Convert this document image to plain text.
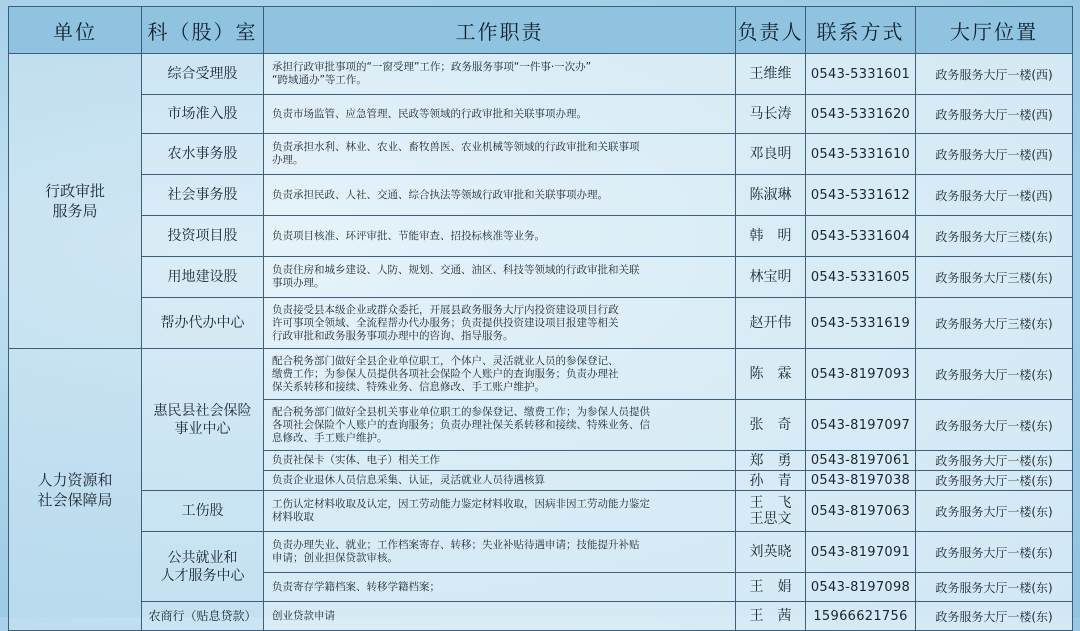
单位	科（股）室	工作职责	负责人	联系方式	大厅位置
行政审批
服务局	综合受理股	承担行政审批事项的“一窗受理”工作；政务服务事项“一件事·一次办”
“跨域通办”等工作。	王维维	0543-5331601	政务服务大厅一楼(西)
	市场准入股	负责市场监管、应急管理、民政等领域的行政审批和关联事项办理。	马长涛	0543-5331620	政务服务大厅一楼(西)
	农水事务股	负责承担水利、林业、农业、畜牧兽医、农业机械等领域的行政审批和关联事项
办理。	邓良明	0543-5331610	政务服务大厅一楼(西)
	社会事务股	负责承担民政、人社、交通、综合执法等领域行政审批和关联事项办理。	陈淑琳	0543-5331612	政务服务大厅一楼(西)
	投资项目股	负责项目核准、环评审批、节能审查、招投标核准等业务。	韩　明	0543-5331604	政务服务大厅三楼(东)
	用地建设股	负责住房和城乡建设、人防、规划、交通、油区、科技等领域的行政审批和关联
事项办理。	林宝明	0543-5331605	政务服务大厅三楼(东)
	帮办代办中心	负责接受县本级企业或群众委托，开展县政务服务大厅内投资建设项目行政
许可事项全领域、全流程帮办代办服务；负责提供投资建设项目报建等相关
行政审批和政务服务事项办理中的咨询、指导服务。	赵开伟	0543-5331619	政务服务大厅三楼(东)
人力资源和
社会保障局	惠民县社会保险
事业中心	配合税务部门做好全县企业单位职工，个体户、灵活就业人员的参保登记、
缴费工作；为参保人员提供各项社会保险个人账户的查询服务；负责办理社
保关系转移和接续、特殊业务、信息修改、手工账户维护。	陈　霖	0543-8197093	政务服务大厅一楼(东)
		配合税务部门做好全县机关事业单位职工的参保登记、缴费工作；为参保人员提供
各项社会保险个人账户的查询服务；负责办理社保关系转移和接续、特殊业务、信
息修改、手工账户维护。	张　奇	0543-8197097	政务服务大厅一楼(东)
		负责社保卡（实体、电子）相关工作	郑　勇	0543-8197061	政务服务大厅一楼(东)
		负责企业退休人员信息采集、认证，灵活就业人员待遇核算	孙　青	0543-8197038	政务服务大厅一楼(东)
	工伤股	工伤认定材料收取及认定，因工劳动能力鉴定材料收取，因病非因工劳动能力鉴定
材料收取	王　飞
王思文	0543-8197063	政务服务大厅一楼(东)
	公共就业和
人才服务中心	负责办理失业、就业；工作档案寄存、转移；失业补贴待遇申请；技能提升补贴
申请；创业担保贷款审核。	刘英晓	0543-8197091	政务服务大厅一楼(东)
		负责寄存学籍档案、转移学籍档案；	王　娟	0543-8197098	政务服务大厅一楼(东)
	农商行（贴息贷款）	创业贷款申请	王　茜	15966621756	政务服务大厅一楼(东)
